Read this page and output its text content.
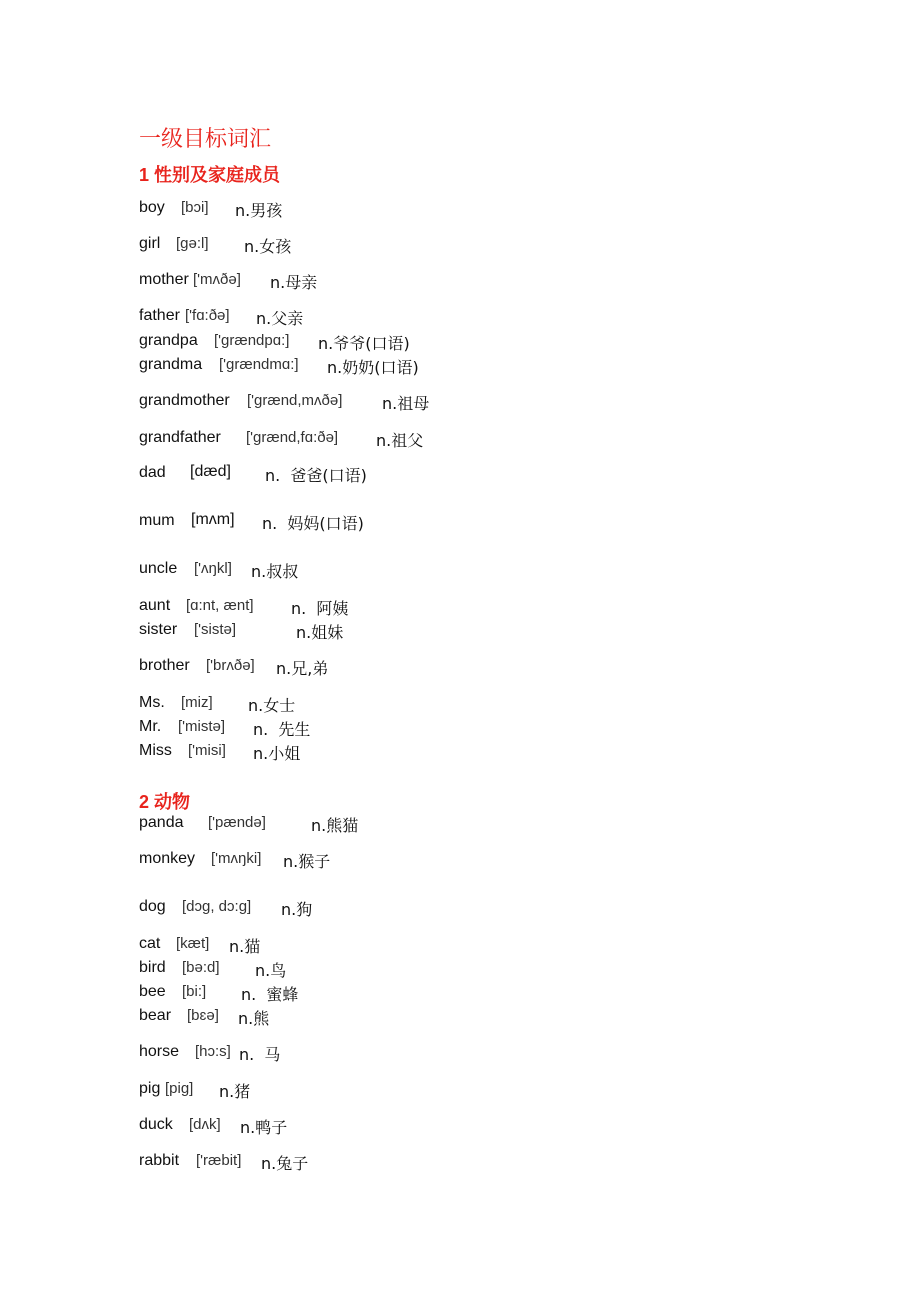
一级目标词汇
1 性别及家庭成员
boy [bɔi] n.男孩
girl [ɡə:l] n.女孩
mother ['mʌðə] n.母亲
father ['fɑ:ðə] n.父亲
grandpa ['ɡrændpɑ:] n.爷爷(口语)
grandma ['ɡrændmɑ:] n.奶奶(口语)
grandmother ['ɡrænd,mʌðə] n.祖母
grandfather ['ɡrænd,fɑ:ðə] n.祖父
dad [dæd] n.  爸爸(口语)
mum [mʌm] n.  妈妈(口语)
uncle ['ʌŋkl] n.叔叔
aunt [ɑ:nt, ænt] n.  阿姨
sister ['sistə]	n.姐妹
brother ['brʌðə] n.兄,弟
Ms. [miz] n.女士
Mr. ['mistə] n.  先生
Miss ['misi] n.小姐
2 动物
panda ['pændə]	n.熊猫
monkey ['mʌŋki] n.猴子
dog [dɔɡ, dɔ:ɡ] n.狗
cat [kæt] n.猫
bird [bə:d] n.鸟
bee [bi:] n.  蜜蜂
bear [bɛə] n.熊
horse [hɔ:s] n.  马
pig [piɡ] n.猪
duck [dʌk] n.鸭子
rabbit ['ræbit] n.兔子
